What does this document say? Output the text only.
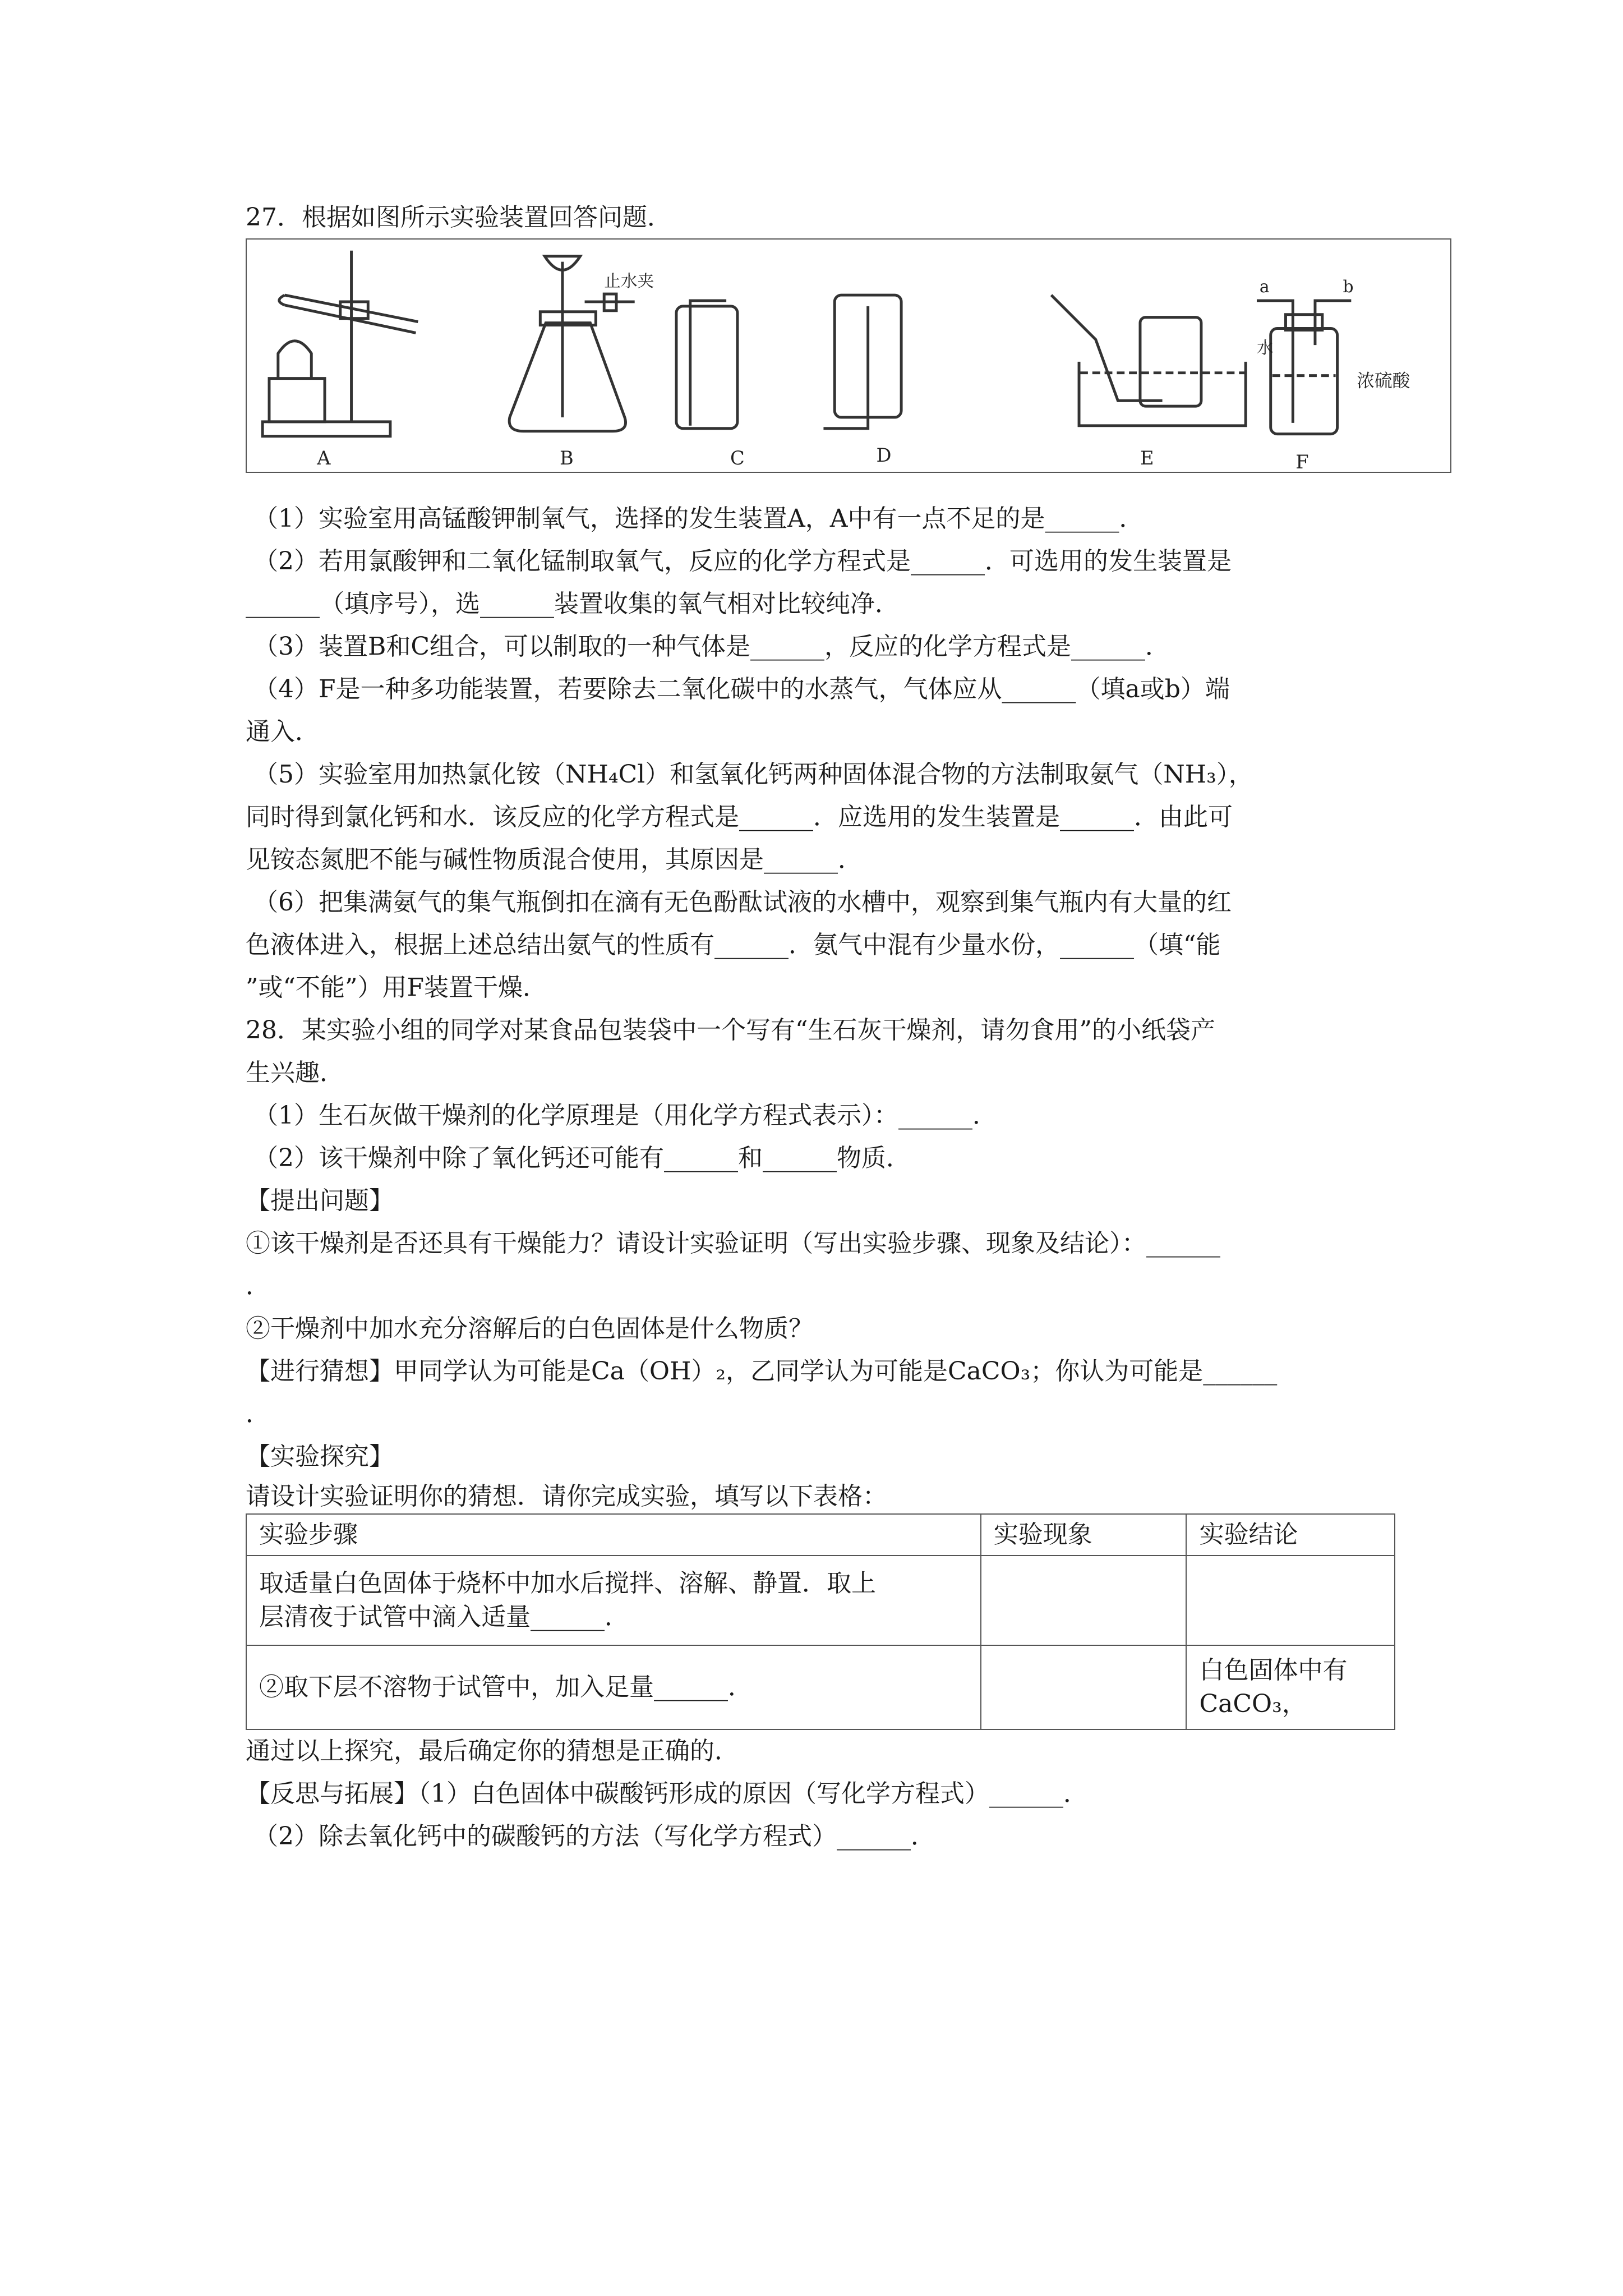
27．根据如图所示实验装置回答问题．
A	B	C	D	E	F
止水夹
水
浓硫酸
a	b
（1）实验室用高锰酸钾制氧气，选择的发生装置A，A中有一点不足的是______．
（2）若用氯酸钾和二氧化锰制取氧气，反应的化学方程式是______．可选用的发生装置是
______（填序号），选______装置收集的氧气相对比较纯净．
（3）装置B和C组合，可以制取的一种气体是______，反应的化学方程式是______．
（4）F是一种多功能装置，若要除去二氧化碳中的水蒸气，气体应从______（填a或b）端
通入．
（5）实验室用加热氯化铵（NH₄Cl）和氢氧化钙两种固体混合物的方法制取氨气（NH₃），
同时得到氯化钙和水．该反应的化学方程式是______．应选用的发生装置是______．由此可
见铵态氮肥不能与碱性物质混合使用，其原因是______．
（6）把集满氨气的集气瓶倒扣在滴有无色酚酞试液的水槽中，观察到集气瓶内有大量的红
色液体进入，根据上述总结出氨气的性质有______．氨气中混有少量水份，______（填“能
”或“不能”）用F装置干燥．
28．某实验小组的同学对某食品包装袋中一个写有“生石灰干燥剂，请勿食用”的小纸袋产
生兴趣．
（1）生石灰做干燥剂的化学原理是（用化学方程式表示）：______．
（2）该干燥剂中除了氧化钙还可能有______和______物质．
【提出问题】
①该干燥剂是否还具有干燥能力？请设计实验证明（写出实验步骤、现象及结论）：______
．
②干燥剂中加水充分溶解后的白色固体是什么物质？
【进行猜想】甲同学认为可能是Ca（OH）₂，乙同学认为可能是CaCO₃；你认为可能是______
．
【实验探究】
请设计实验证明你的猜想．请你完成实验，填写以下表格：
实验步骤	实验现象	实验结论

取适量白色固体于烧杯中加水后搅拌、溶解、静置．取上
层清夜于试管中滴入适量______．		

②取下层不溶物于试管中，加入足量______．		白色固体中有
CaCO₃，
通过以上探究，最后确定你的猜想是正确的．
【反思与拓展】（1）白色固体中碳酸钙形成的原因（写化学方程式）______．
（2）除去氧化钙中的碳酸钙的方法（写化学方程式）______．
